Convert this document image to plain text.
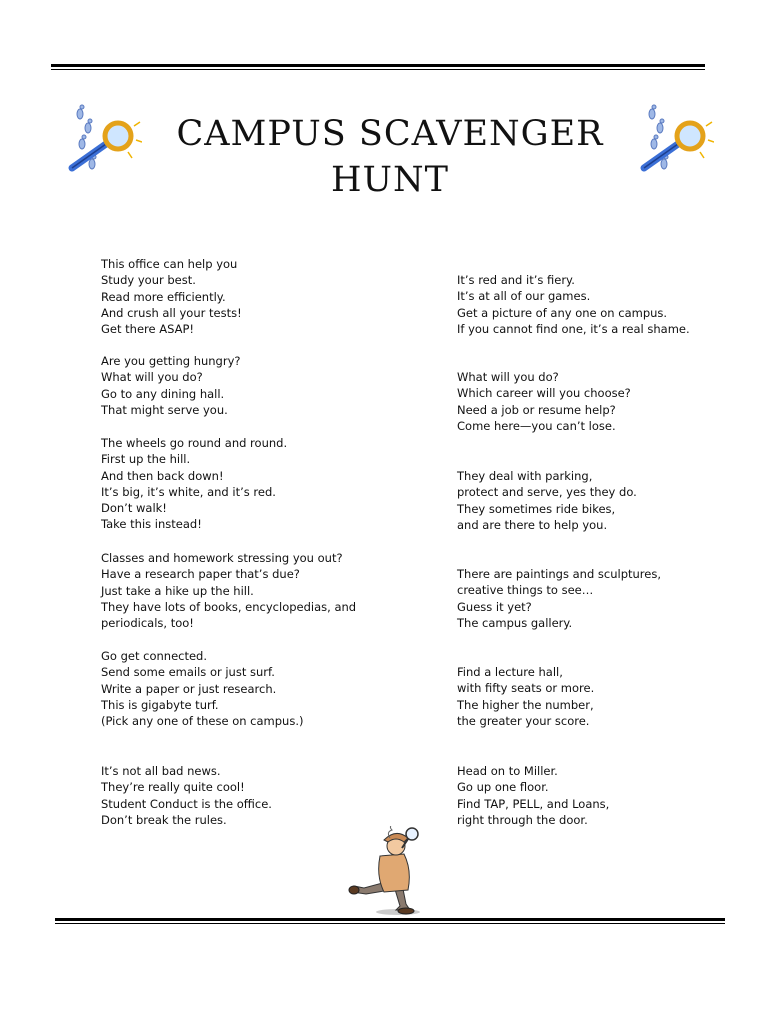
CAMPUS SCAVENGER
HUNT
This office can help you
Study your best.
Read more efficiently.
And crush all your tests!
Get there ASAP!
Are you getting hungry?
What will you do?
Go to any dining hall.
That might serve you.
The wheels go round and round.
First up the hill.
And then back down!
It’s big, it’s white, and it’s red.
Don’t walk!
Take this instead!
Classes and homework stressing you out?
Have a research paper that’s due?
Just take a hike up the hill.
They have lots of books, encyclopedias, and
periodicals, too!
Go get connected.
Send some emails or just surf.
Write a paper or just research.
This is gigabyte turf.
(Pick any one of these on campus.)
It’s not all bad news.
They’re really quite cool!
Student Conduct is the office.
Don’t break the rules.
It’s red and it’s fiery.
It’s at all of our games.
Get a picture of any one on campus.
If you cannot find one, it’s a real shame.
What will you do?
Which career will you choose?
Need a job or resume help?
Come here—you can’t lose.
They deal with parking,
protect and serve, yes they do.
They sometimes ride bikes,
and are there to help you.
There are paintings and sculptures,
creative things to see…
Guess it yet?
The campus gallery.
Find a lecture hall,
with fifty seats or more.
The higher the number,
the greater your score.
Head on to Miller.
Go up one floor.
Find TAP, PELL, and Loans,
right through the door.
